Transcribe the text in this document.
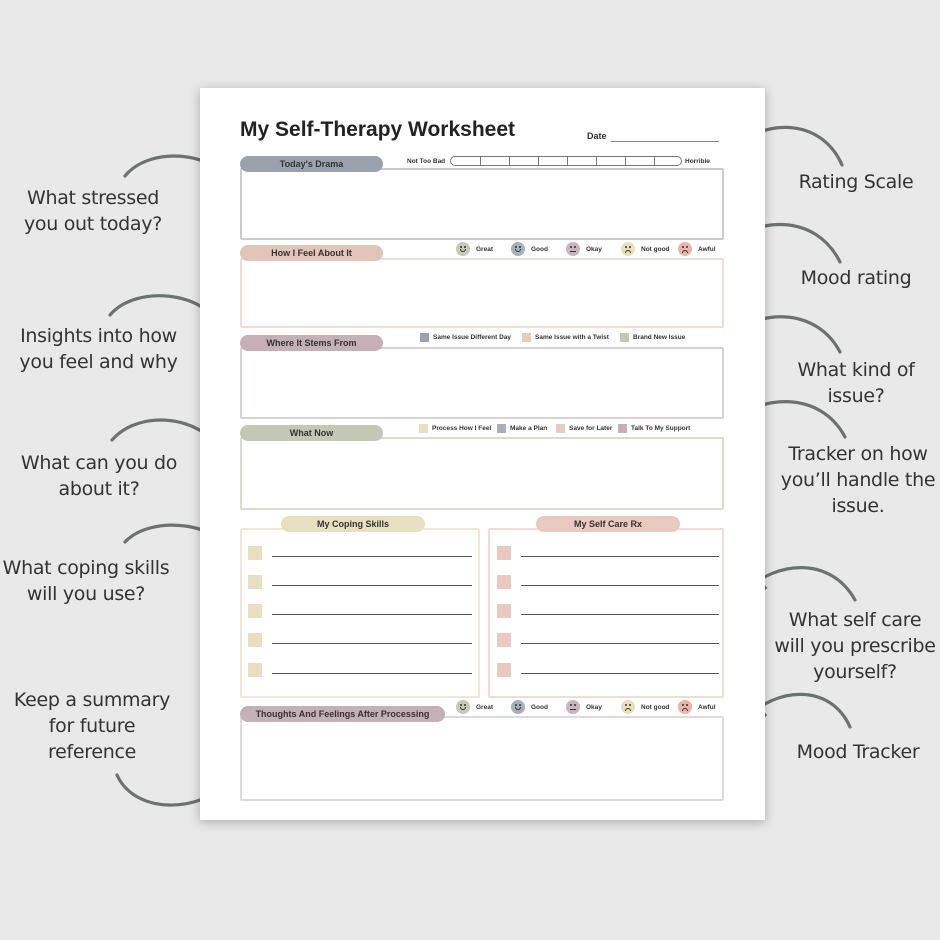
What stressed
you out today?
Insights into how
you feel and why
What can you do
about it?
What coping skills
will you use?
Keep a summary
for future
reference
Rating Scale
Mood rating
What kind of
issue?
Tracker on how
you’ll handle the
issue.
What self care
will you prescribe
yourself?
Mood Tracker
My Self-Therapy Worksheet	Date
Today's Drama	Not Too Bad	Horrible
How I Feel About It	Great	Good	Okay	Not good	Awful
Where It Stems From
Same Issue Different Day	Same Issue with a Twist	Brand New Issue
What Now	Process How I Feel	Make a Plan	Save for Later	Talk To My Support
My Coping Skills	My Self Care Rx
Thoughts And Feelings After Processing
Great	Good	Okay	Not good	Awful
